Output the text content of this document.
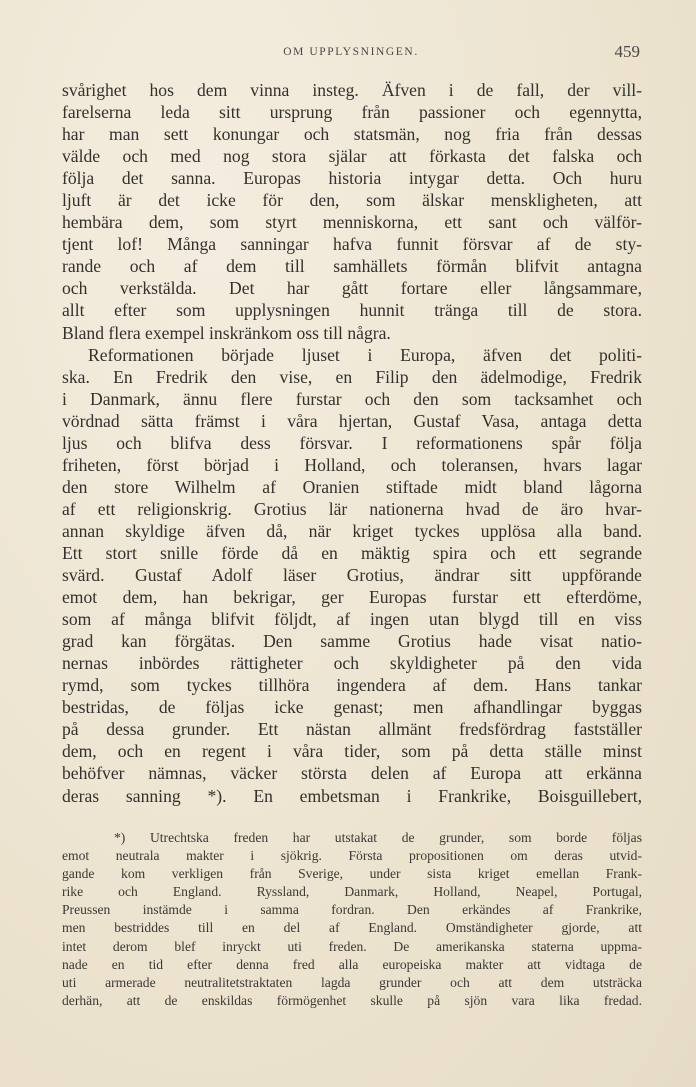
OM UPPLYSNINGEN.	459
svårighet hos dem vinna insteg. Äfven i de fall, der vill-
farelserna leda sitt ursprung från passioner och egennytta,
har man sett konungar och statsmän, nog fria från dessas
välde och med nog stora själar att förkasta det falska och
följa det sanna. Europas historia intygar detta. Och huru
ljuft är det icke för den, som älskar menskligheten, att
hembära dem, som styrt menniskorna, ett sant och välför-
tjent lof! Många sanningar hafva funnit försvar af de sty-
rande och af dem till samhällets förmån blifvit antagna
och verkstälda. Det har gått fortare eller långsammare,
allt efter som upplysningen hunnit tränga till de stora.
Bland flera exempel inskränkom oss till några.
Reformationen började ljuset i Europa, äfven det politi-
ska. En Fredrik den vise, en Filip den ädelmodige, Fredrik
i Danmark, ännu flere furstar och den som tacksamhet och
vördnad sätta främst i våra hjertan, Gustaf Vasa, antaga detta
ljus och blifva dess försvar. I reformationens spår följa
friheten, först börjad i Holland, och toleransen, hvars lagar
den store Wilhelm af Oranien stiftade midt bland lågorna
af ett religionskrig. Grotius lär nationerna hvad de äro hvar-
annan skyldige äfven då, när kriget tyckes upplösa alla band.
Ett stort snille förde då en mäktig spira och ett segrande
svärd. Gustaf Adolf läser Grotius, ändrar sitt uppförande
emot dem, han bekrigar, ger Europas furstar ett efterdöme,
som af många blifvit följdt, af ingen utan blygd till en viss
grad kan förgätas. Den samme Grotius hade visat natio-
nernas inbördes rättigheter och skyldigheter på den vida
rymd, som tyckes tillhöra ingendera af dem. Hans tankar
bestridas, de följas icke genast; men afhandlingar byggas
på dessa grunder. Ett nästan allmänt fredsfördrag fastställer
dem, och en regent i våra tider, som på detta ställe minst
behöfver nämnas, väcker största delen af Europa att erkänna
deras sanning *). En embetsman i Frankrike, Boisguillebert,
*) Utrechtska freden har utstakat de grunder, som borde följas
emot neutrala makter i sjökrig. Första propositionen om deras utvid-
gande kom verkligen från Sverige, under sista kriget emellan Frank-
rike och England. Ryssland, Danmark, Holland, Neapel, Portugal,
Preussen instämde i samma fordran. Den erkändes af Frankrike,
men bestriddes till en del af England. Omständigheter gjorde, att
intet derom blef inryckt uti freden. De amerikanska staterna uppma-
nade en tid efter denna fred alla europeiska makter att vidtaga de
uti armerade neutralitetstraktaten lagda grunder och att dem utsträcka
derhän, att de enskildas förmögenhet skulle på sjön vara lika fredad.
